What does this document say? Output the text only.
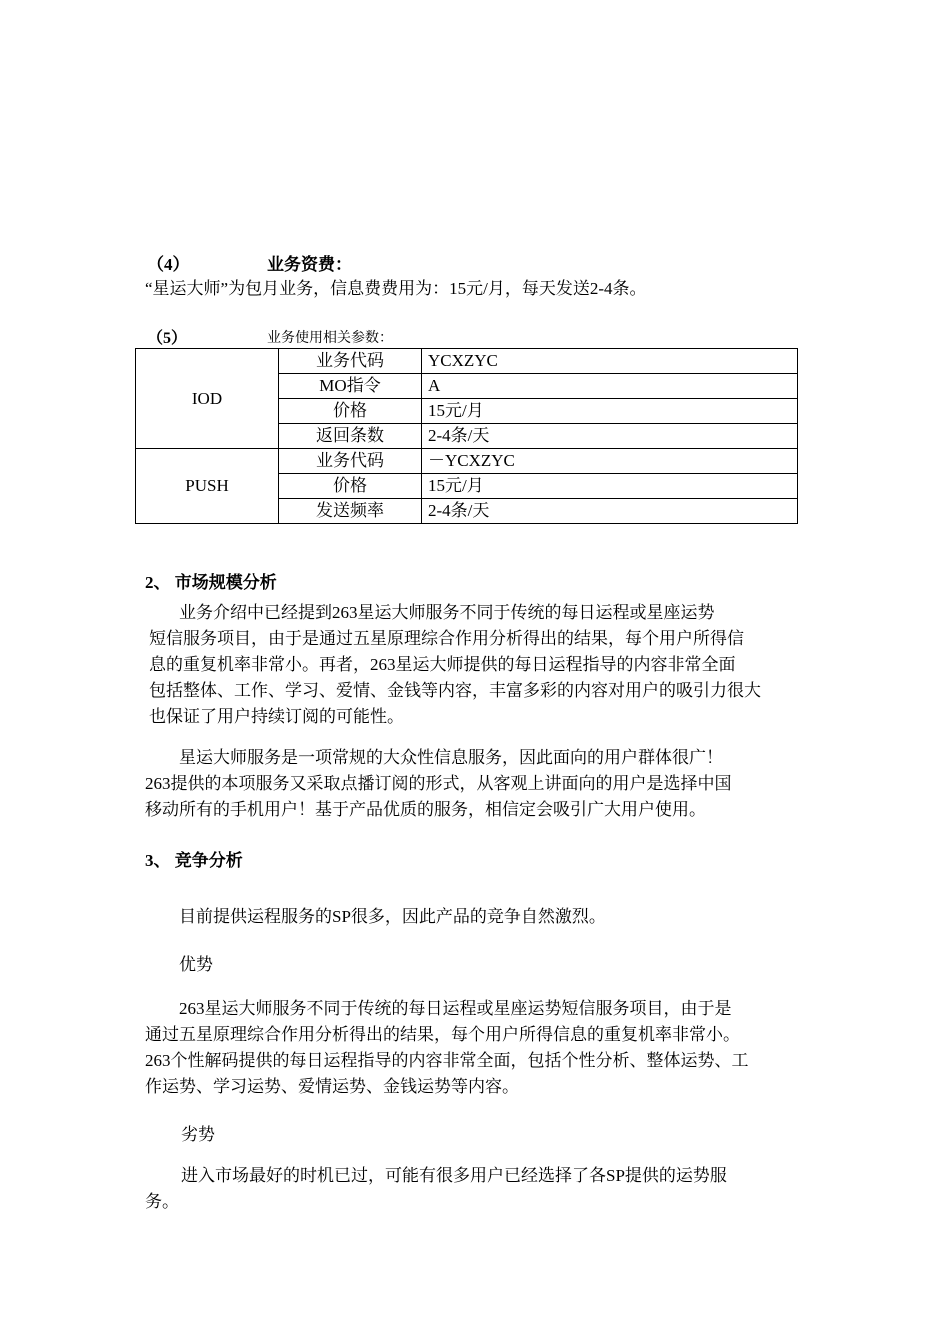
（4）	业务资费：
“星运大师”为包月业务，信息费费用为：15元/月，每天发送2-4条。
（5）	业务使用相关参数：
IOD	业务代码	YCXZYC
	MO指令	A
	价格	15元/月
	返回条数	2-4条/天
PUSH	业务代码	－YCXZYC
	价格	15元/月
	发送频率	2-4条/天
2、 市场规模分析
业务介绍中已经提到263星运大师服务不同于传统的每日运程或星座运势
短信服务项目，由于是通过五星原理综合作用分析得出的结果，每个用户所得信
息的重复机率非常小。再者，263星运大师提供的每日运程指导的内容非常全面
包括整体、工作、学习、爱情、金钱等内容，丰富多彩的内容对用户的吸引力很大
也保证了用户持续订阅的可能性。
星运大师服务是一项常规的大众性信息服务，因此面向的用户群体很广！
263提供的本项服务又采取点播订阅的形式，从客观上讲面向的用户是选择中国
移动所有的手机用户！基于产品优质的服务，相信定会吸引广大用户使用。
3、 竞争分析
目前提供运程服务的SP很多，因此产品的竞争自然激烈。
优势
263星运大师服务不同于传统的每日运程或星座运势短信服务项目，由于是
通过五星原理综合作用分析得出的结果，每个用户所得信息的重复机率非常小。
263个性解码提供的每日运程指导的内容非常全面，包括个性分析、整体运势、工
作运势、学习运势、爱情运势、金钱运势等内容。
劣势
进入市场最好的时机已过，可能有很多用户已经选择了各SP提供的运势服
务。
